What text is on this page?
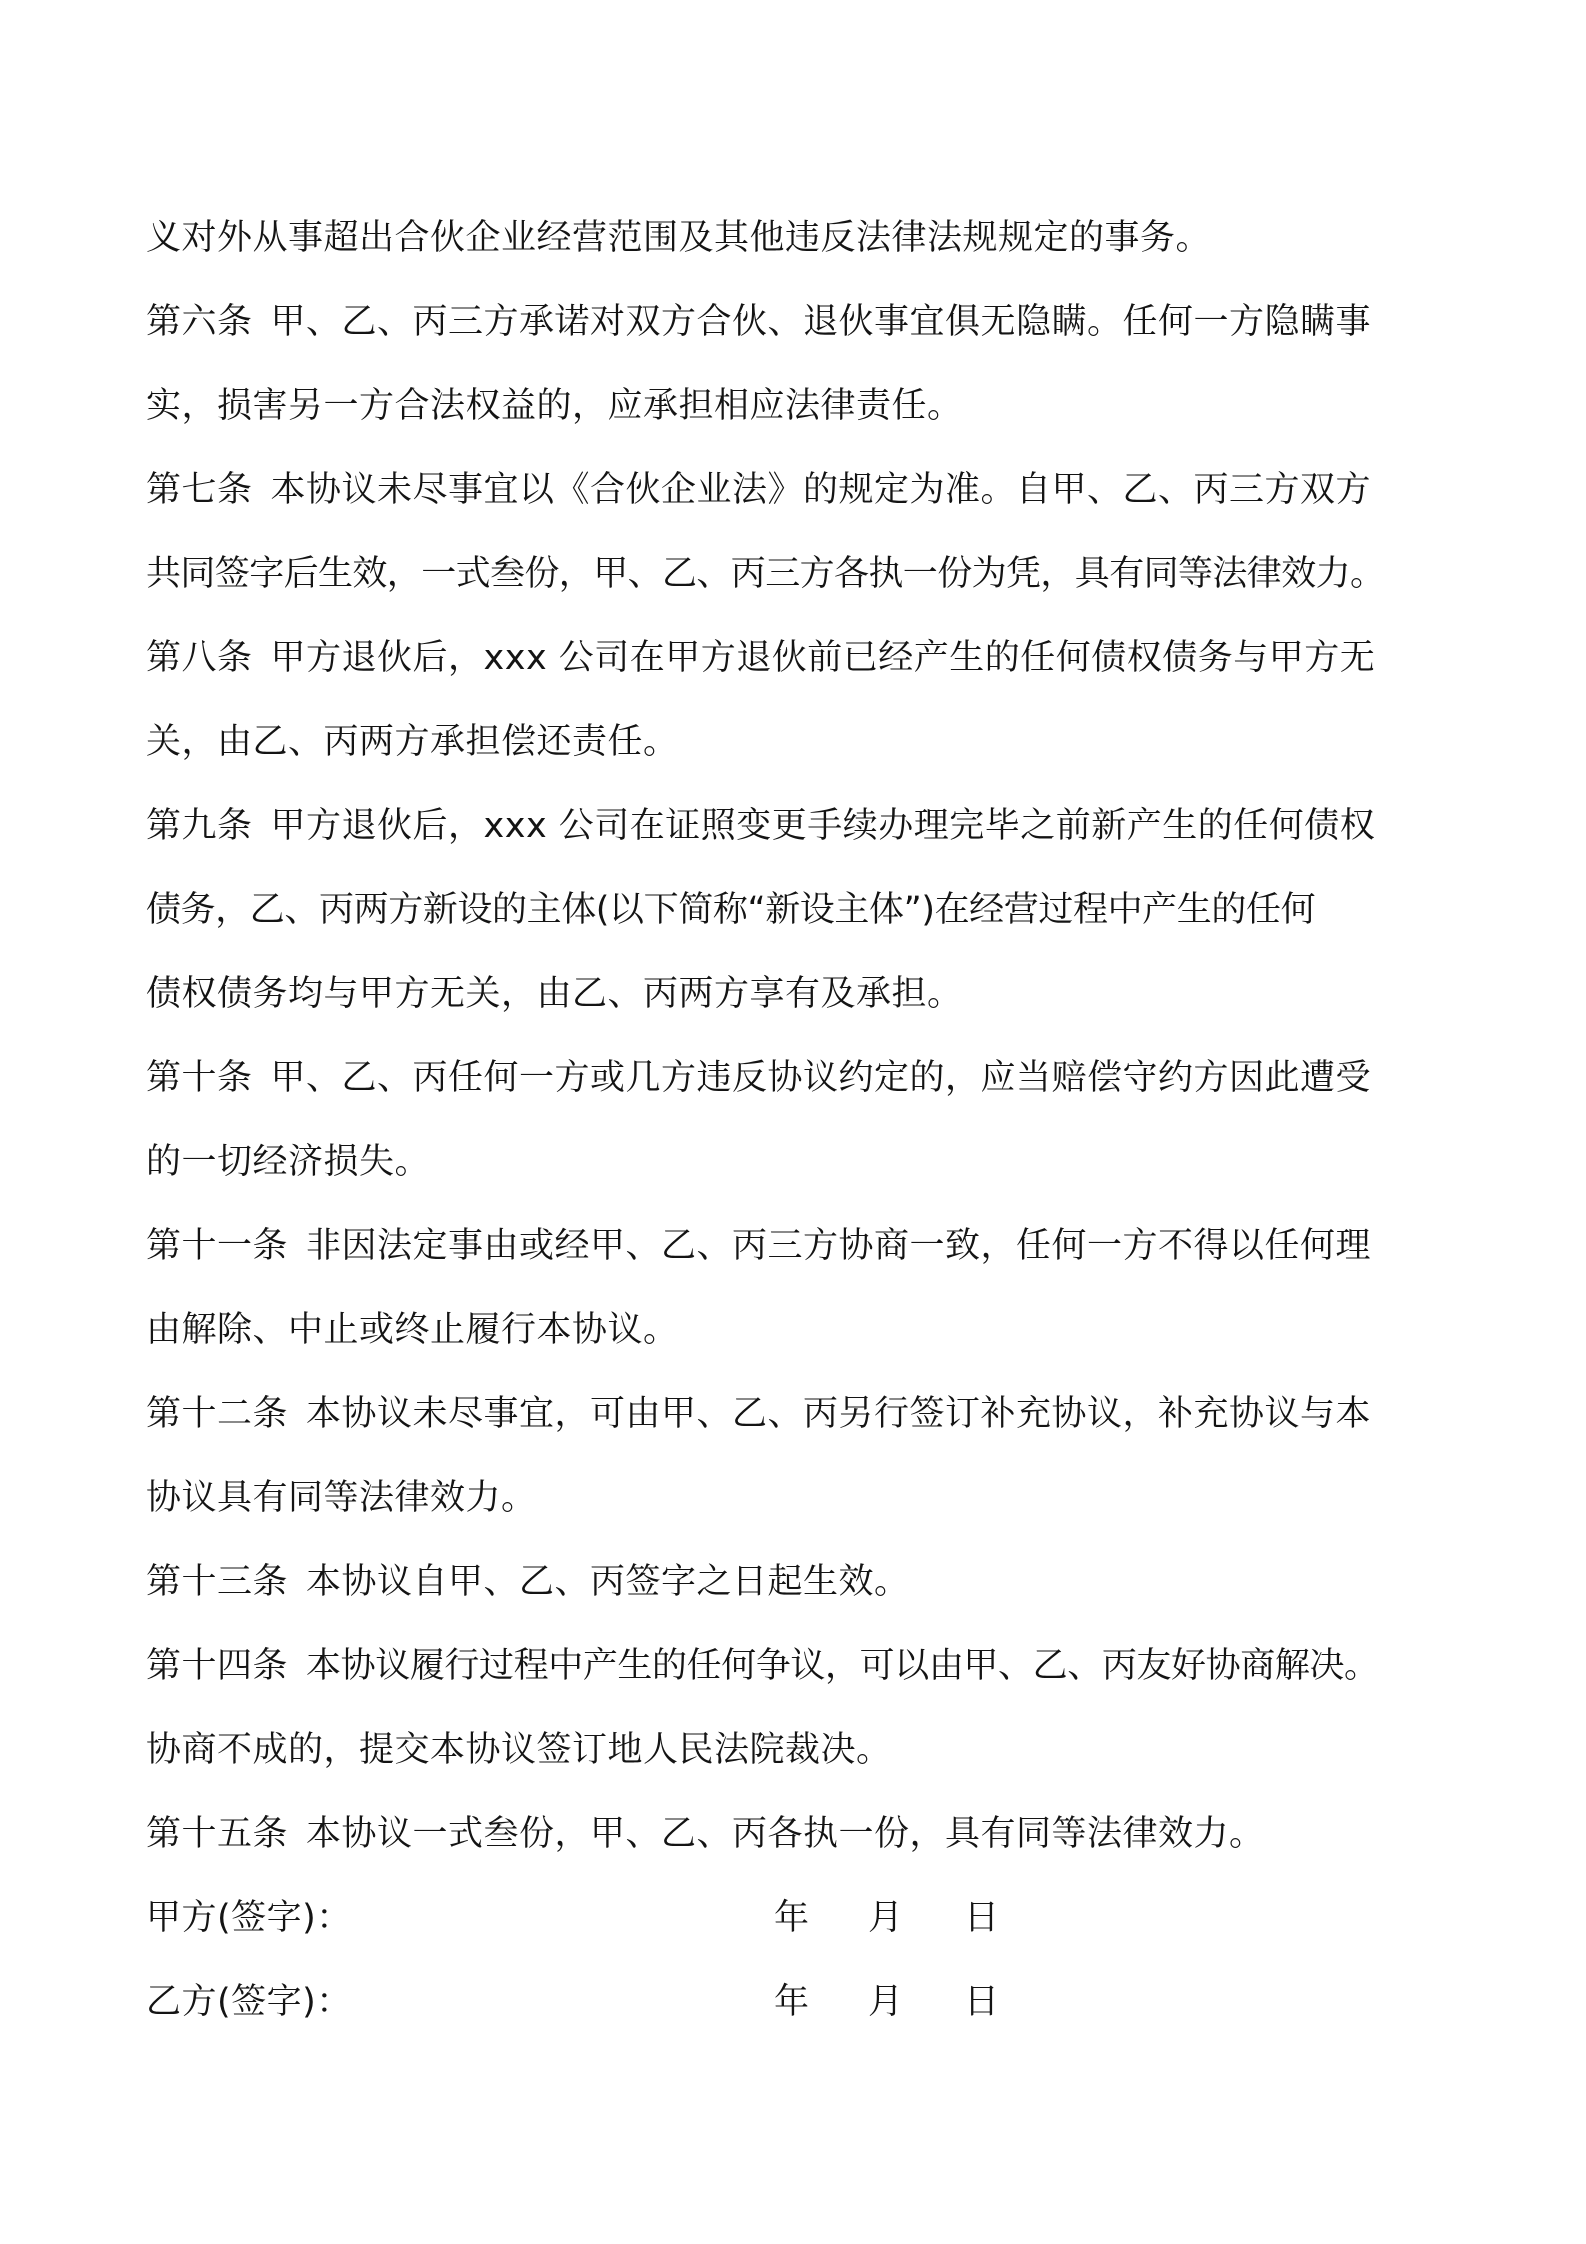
义对外从事超出合伙企业经营范围及其他违反法律法规规定的事务。
第六条 甲、乙、丙三方承诺对双方合伙、退伙事宜俱无隐瞒。任何一方隐瞒事
实，损害另一方合法权益的，应承担相应法律责任。
第七条 本协议未尽事宜以《合伙企业法》的规定为准。自甲、乙、丙三方双方
共同签字后生效，一式叁份，甲、乙、丙三方各执一份为凭，具有同等法律效力。
第八条 甲方退伙后，xxx 公司在甲方退伙前已经产生的任何债权债务与甲方无
关，由乙、丙两方承担偿还责任。
第九条 甲方退伙后，xxx 公司在证照变更手续办理完毕之前新产生的任何债权
债务，乙、丙两方新设的主体(以下简称“新设主体”)在经营过程中产生的任何
债权债务均与甲方无关，由乙、丙两方享有及承担。
第十条 甲、乙、丙任何一方或几方违反协议约定的，应当赔偿守约方因此遭受
的一切经济损失。
第十一条 非因法定事由或经甲、乙、丙三方协商一致，任何一方不得以任何理
由解除、中止或终止履行本协议。
第十二条 本协议未尽事宜，可由甲、乙、丙另行签订补充协议，补充协议与本
协议具有同等法律效力。
第十三条 本协议自甲、乙、丙签字之日起生效。
第十四条 本协议履行过程中产生的任何争议，可以由甲、乙、丙友好协商解决。
协商不成的，提交本协议签订地人民法院裁决。
第十五条 本协议一式叁份，甲、乙、丙各执一份，具有同等法律效力。
甲方(签字)：	年	月	日
乙方(签字)：	年	月	日
